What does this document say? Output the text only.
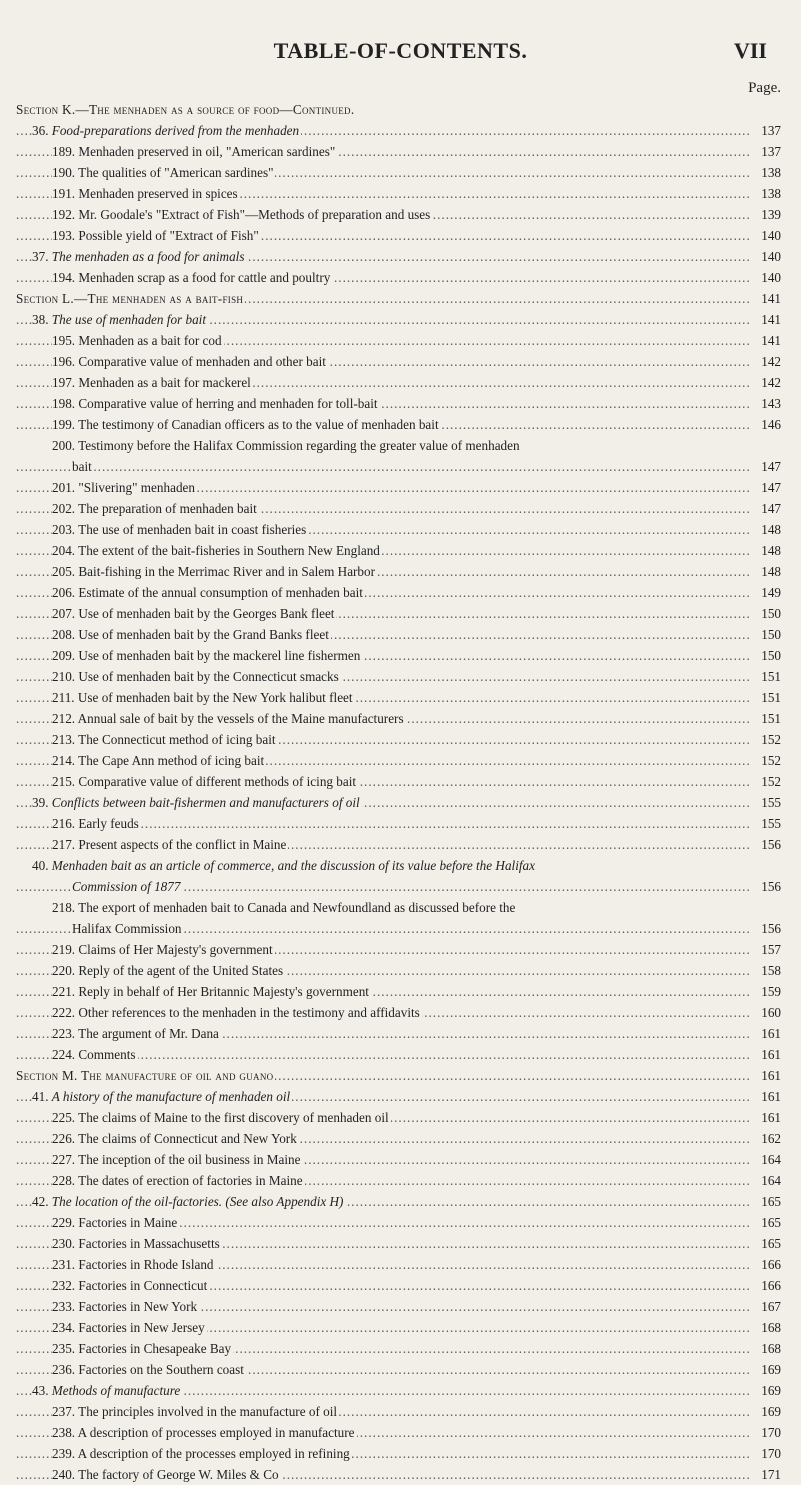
TABLE-OF-CONTENTS.	VII
Page.
Section K.—The menhaden as a source of food—Continued.
.....
36. Food-preparations derived from the menhaden	137
.....
189. Menhaden preserved in oil, "American sardines"	137
.....
190. The qualities of "American sardines"	138
.....
191. Menhaden preserved in spices	138
.....
192. Mr. Goodale's "Extract of Fish"—Methods of preparation and uses	139
.....
193. Possible yield of "Extract of Fish"	140
.....
37. The menhaden as a food for animals	140
.....
194. Menhaden scrap as a food for cattle and poultry	140
.....
Section L.—The menhaden as a bait-fish	141
.....
38. The use of menhaden for bait	141
.....
195. Menhaden as a bait for cod	141
.....
196. Comparative value of menhaden and other bait	142
.....
197. Menhaden as a bait for mackerel	142
.....
198. Comparative value of herring and menhaden for toll-bait	143
.....
199. The testimony of Canadian officers as to the value of menhaden bait	146
200. Testimony before the Halifax Commission regarding the greater value of menhaden
.....
bait	147
.....
201. "Slivering" menhaden	147
.....
202. The preparation of menhaden bait	147
.....
203. The use of menhaden bait in coast fisheries	148
.....
204. The extent of the bait-fisheries in Southern New England	148
.....
205. Bait-fishing in the Merrimac River and in Salem Harbor	148
.....
206. Estimate of the annual consumption of menhaden bait	149
.....
207. Use of menhaden bait by the Georges Bank fleet	150
.....
208. Use of menhaden bait by the Grand Banks fleet	150
.....
209. Use of menhaden bait by the mackerel line fishermen	150
.....
210. Use of menhaden bait by the Connecticut smacks	151
.....
211. Use of menhaden bait by the New York halibut fleet	151
.....
212. Annual sale of bait by the vessels of the Maine manufacturers	151
.....
213. The Connecticut method of icing bait	152
.....
214. The Cape Ann method of icing bait	152
.....
215. Comparative value of different methods of icing bait	152
.....
39. Conflicts between bait-fishermen and manufacturers of oil	155
.....
216. Early feuds	155
.....
217. Present aspects of the conflict in Maine	156
40. Menhaden bait as an article of commerce, and the discussion of its value before the Halifax
.....
Commission of 1877	156
218. The export of menhaden bait to Canada and Newfoundland as discussed before the
.....
Halifax Commission	156
.....
219. Claims of Her Majesty's government	157
.....
220. Reply of the agent of the United States	158
.....
221. Reply in behalf of Her Britannic Majesty's government	159
.....
222. Other references to the menhaden in the testimony and affidavits	160
.....
223. The argument of Mr. Dana	161
.....
224. Comments	161
.....
Section M. The manufacture of oil and guano	161
.....
41. A history of the manufacture of menhaden oil	161
.....
225. The claims of Maine to the first discovery of menhaden oil	161
.....
226. The claims of Connecticut and New York	162
.....
227. The inception of the oil business in Maine	164
.....
228. The dates of erection of factories in Maine	164
.....
42. The location of the oil-factories. (See also Appendix H)	165
.....
229. Factories in Maine	165
.....
230. Factories in Massachusetts	165
.....
231. Factories in Rhode Island	166
.....
232. Factories in Connecticut	166
.....
233. Factories in New York	167
.....
234. Factories in New Jersey	168
.....
235. Factories in Chesapeake Bay	168
.....
236. Factories on the Southern coast	169
.....
43. Methods of manufacture	169
.....
237. The principles involved in the manufacture of oil	169
.....
238. A description of processes employed in manufacture	170
.....
239. A description of the processes employed in refining	170
.....
240. The factory of George W. Miles & Co	171
